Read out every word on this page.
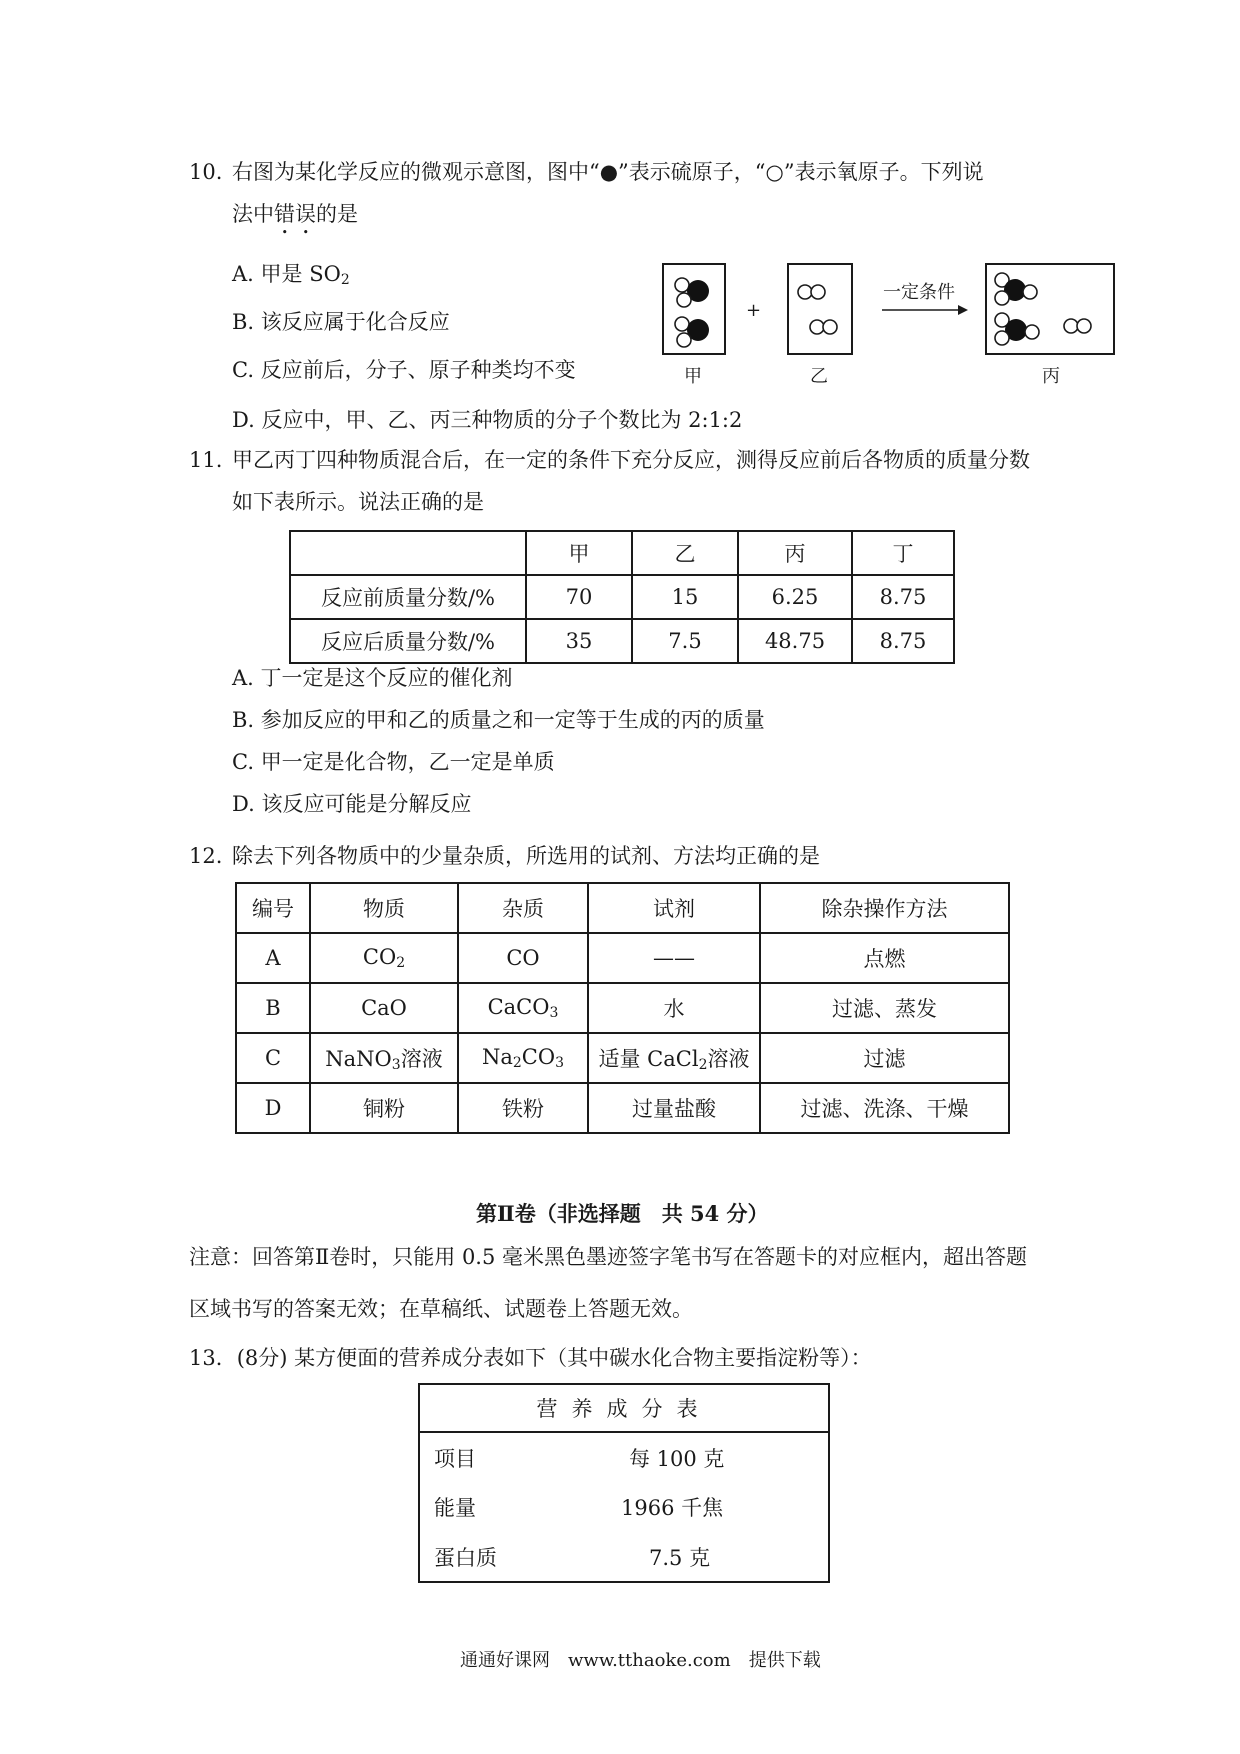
10. 右图为某化学反应的微观示意图，图中“●”表示硫原子，“○”表示氧原子。下列说
法中错误的是
A. 甲是 $SO_2$
B. 该反应属于化合反应
C. 反应前后，分子、原子种类均不变
D. 反应中，甲、乙、丙三种物质的分子个数比为 2:1:2
+
一定条件
甲	乙	丙
11. 甲乙丙丁四种物质混合后，在一定的条件下充分反应，测得反应前后各物质的质量分数
如下表所示。说法正确的是
	甲	乙	丙	丁
反应前质量分数/%	70	15	6.25	8.75
反应后质量分数/%	35	7.5	48.75	8.75
A. 丁一定是这个反应的催化剂
B. 参加反应的甲和乙的质量之和一定等于生成的丙的质量
C. 甲一定是化合物，乙一定是单质
D. 该反应可能是分解反应
12. 除去下列各物质中的少量杂质，所选用的试剂、方法均正确的是
编号	物质	杂质	试剂	除杂操作方法
A	$CO_2$	CO	——	点燃
B	CaO	CaCO$_3$	水	过滤、蒸发
C	NaNO$_3$溶液	$Na_2CO_3$	适量 CaCl$_2$溶液	过滤
D	铜粉	铁粉	过量盐酸	过滤、洗涤、干燥
第Ⅱ卷（非选择题　共 54 分）
注意：回答第Ⅱ卷时，只能用 0.5 毫米黑色墨迹签字笔书写在答题卡的对应框内，超出答题
区域书写的答案无效；在草稿纸、试题卷上答题无效。
13．(8分) 某方便面的营养成分表如下（其中碳水化合物主要指淀粉等）：
营养成分表	
项目	每 100 克
能量	1966 千焦
蛋白质	7.5 克
通通好课网　www.tthaoke.com　提供下载
